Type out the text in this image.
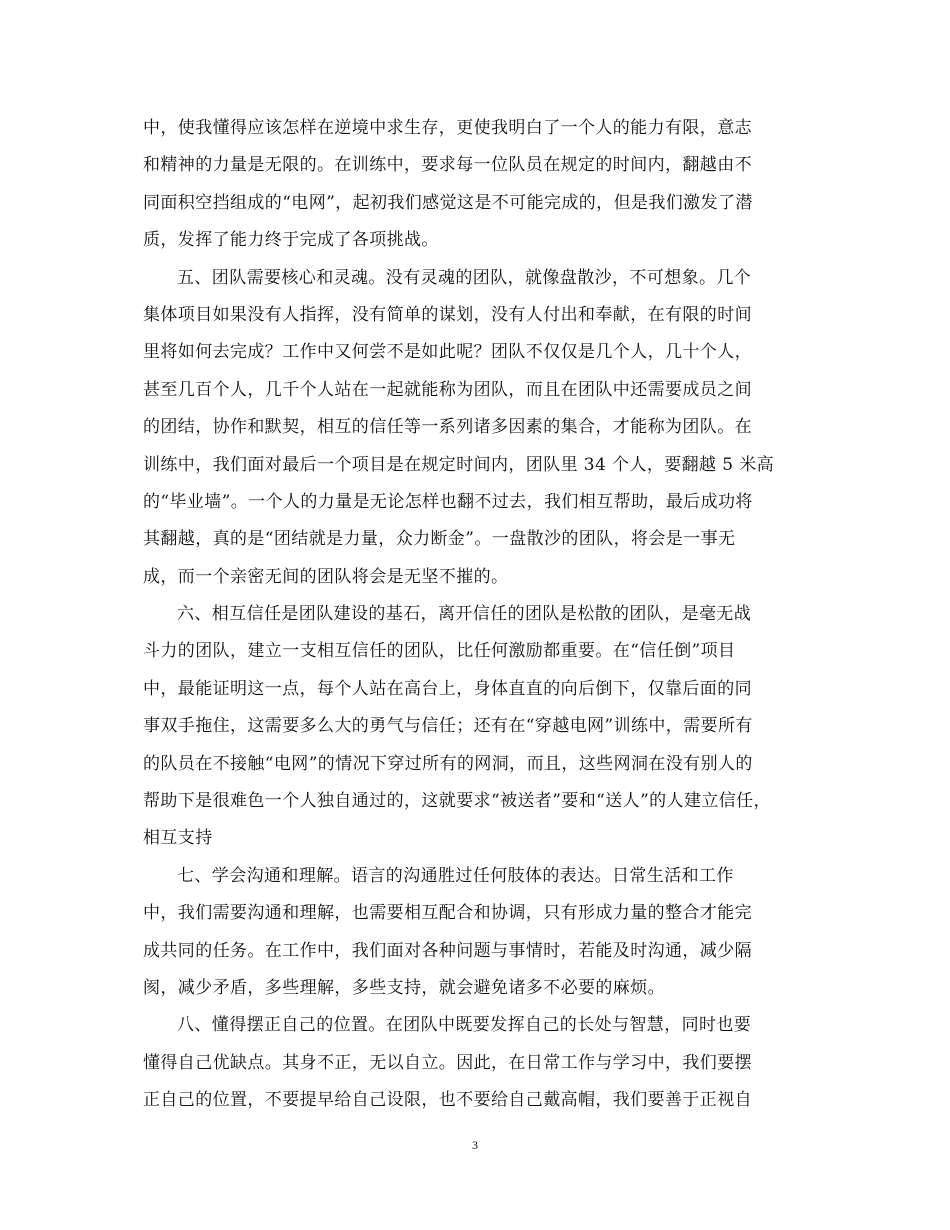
中，使我懂得应该怎样在逆境中求生存，更使我明白了一个人的能力有限，意志
和精神的力量是无限的。在训练中，要求每一位队员在规定的时间内，翻越由不
同面积空挡组成的“电网”，起初我们感觉这是不可能完成的，但是我们激发了潜
质，发挥了能力终于完成了各项挑战。

五、团队需要核心和灵魂。没有灵魂的团队，就像盘散沙，不可想象。几个
集体项目如果没有人指挥，没有简单的谋划，没有人付出和奉献，在有限的时间
里将如何去完成？工作中又何尝不是如此呢？团队不仅仅是几个人，几十个人，
甚至几百个人，几千个人站在一起就能称为团队，而且在团队中还需要成员之间
的团结，协作和默契，相互的信任等一系列诸多因素的集合，才能称为团队。在
训练中，我们面对最后一个项目是在规定时间内，团队里 34 个人，要翻越 5 米高
的“毕业墙”。一个人的力量是无论怎样也翻不过去，我们相互帮助，最后成功将
其翻越，真的是“团结就是力量，众力断金”。一盘散沙的团队，将会是一事无
成，而一个亲密无间的团队将会是无坚不摧的。

六、相互信任是团队建设的基石，离开信任的团队是松散的团队，是毫无战
斗力的团队，建立一支相互信任的团队，比任何激励都重要。在“信任倒”项目
中，最能证明这一点，每个人站在高台上，身体直直的向后倒下，仅靠后面的同
事双手拖住，这需要多么大的勇气与信任；还有在“穿越电网”训练中，需要所有
的队员在不接触“电网”的情况下穿过所有的网洞，而且，这些网洞在没有别人的
帮助下是很难色一个人独自通过的，这就要求“被送者”要和“送人”的人建立信任，
相互支持

七、学会沟通和理解。语言的沟通胜过任何肢体的表达。日常生活和工作
中，我们需要沟通和理解，也需要相互配合和协调，只有形成力量的整合才能完
成共同的任务。在工作中，我们面对各种问题与事情时，若能及时沟通，减少隔
阂，减少矛盾，多些理解，多些支持，就会避免诸多不必要的麻烦。

八、懂得摆正自己的位置。在团队中既要发挥自己的长处与智慧，同时也要
懂得自己优缺点。其身不正，无以自立。因此，在日常工作与学习中，我们要摆
正自己的位置，不要提早给自己设限，也不要给自己戴高帽，我们要善于正视自

3
